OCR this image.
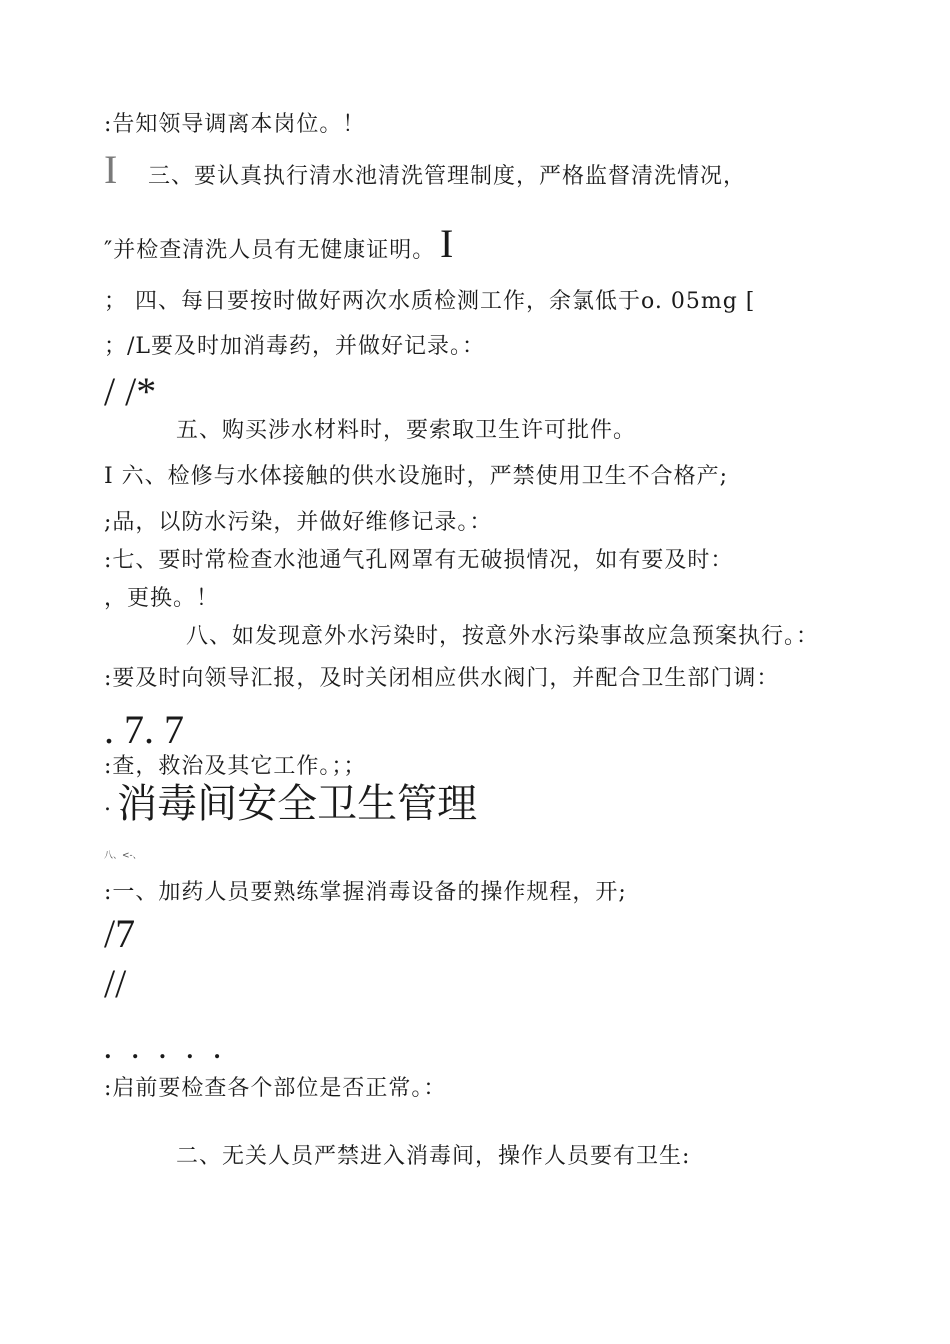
:告知领导调离本岗位。！
I 三、要认真执行清水池清洗管理制度，严格监督清洗情况，
″并检查清洗人员有无健康证明。 I
； 四、每日要按时做好两次水质检测工作，余氯低于o. 05mg [
；/L要及时加消毒药，并做好记录。：
/ /*
五、购买涉水材料时，要索取卫生许可批件。
I 六、检修与水体接触的供水设施时，严禁使用卫生不合格产;
;品，以防水污染，并做好维修记录。：
:七、要时常检查水池通气孔网罩有无破损情况，如有要及时：
，更换。！
八、如发现意外水污染时，按意外水污染事故应急预案执行。：
:要及时向领导汇报，及时关闭相应供水阀门，并配合卫生部门调：
. 7. 7
:查，救治及其它工作。；；
. 消毒间安全卫生管理
八、<-、
:一、加药人员要熟练掌握消毒设备的操作规程，开;
/7
//
. . . . .
:启前要检查各个部位是否正常。：
二、无关人员严禁进入消毒间，操作人员要有卫生:
